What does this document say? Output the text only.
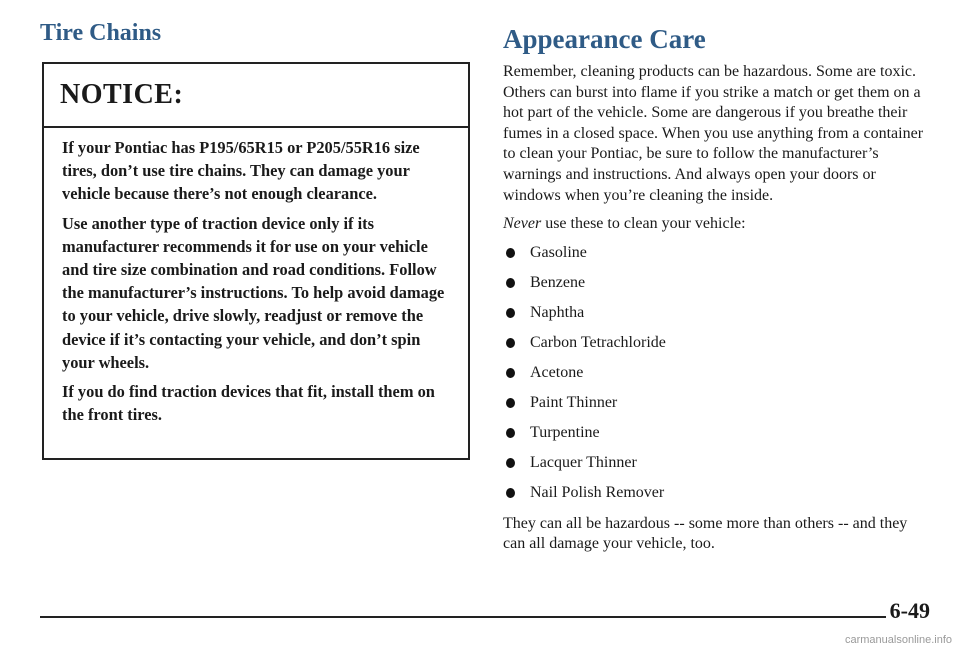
Tire Chains
NOTICE:

If your Pontiac has P195/65R15 or P205/55R16 size tires, don’t use tire chains. They can damage your vehicle because there’s not enough clearance.

Use another type of traction device only if its manufacturer recommends it for use on your vehicle and tire size combination and road conditions. Follow the manufacturer’s instructions. To help avoid damage to your vehicle, drive slowly, readjust or remove the device if it’s contacting your vehicle, and don’t spin your wheels.

If you do find traction devices that fit, install them on the front tires.

Appearance Care

Remember, cleaning products can be hazardous. Some are toxic. Others can burst into flame if you strike a match or get them on a hot part of the vehicle. Some are dangerous if you breathe their fumes in a closed space. When you use anything from a container to clean your Pontiac, be sure to follow the manufacturer’s warnings and instructions. And always open your doors or windows when you’re cleaning the inside.

Never use these to clean your vehicle:

Gasoline
Benzene
Naphtha
Carbon Tetrachloride
Acetone
Paint Thinner
Turpentine
Lacquer Thinner
Nail Polish Remover

They can all be hazardous -- some more than others -- and they can all damage your vehicle, too.

6-49
carmanualsonline.info
